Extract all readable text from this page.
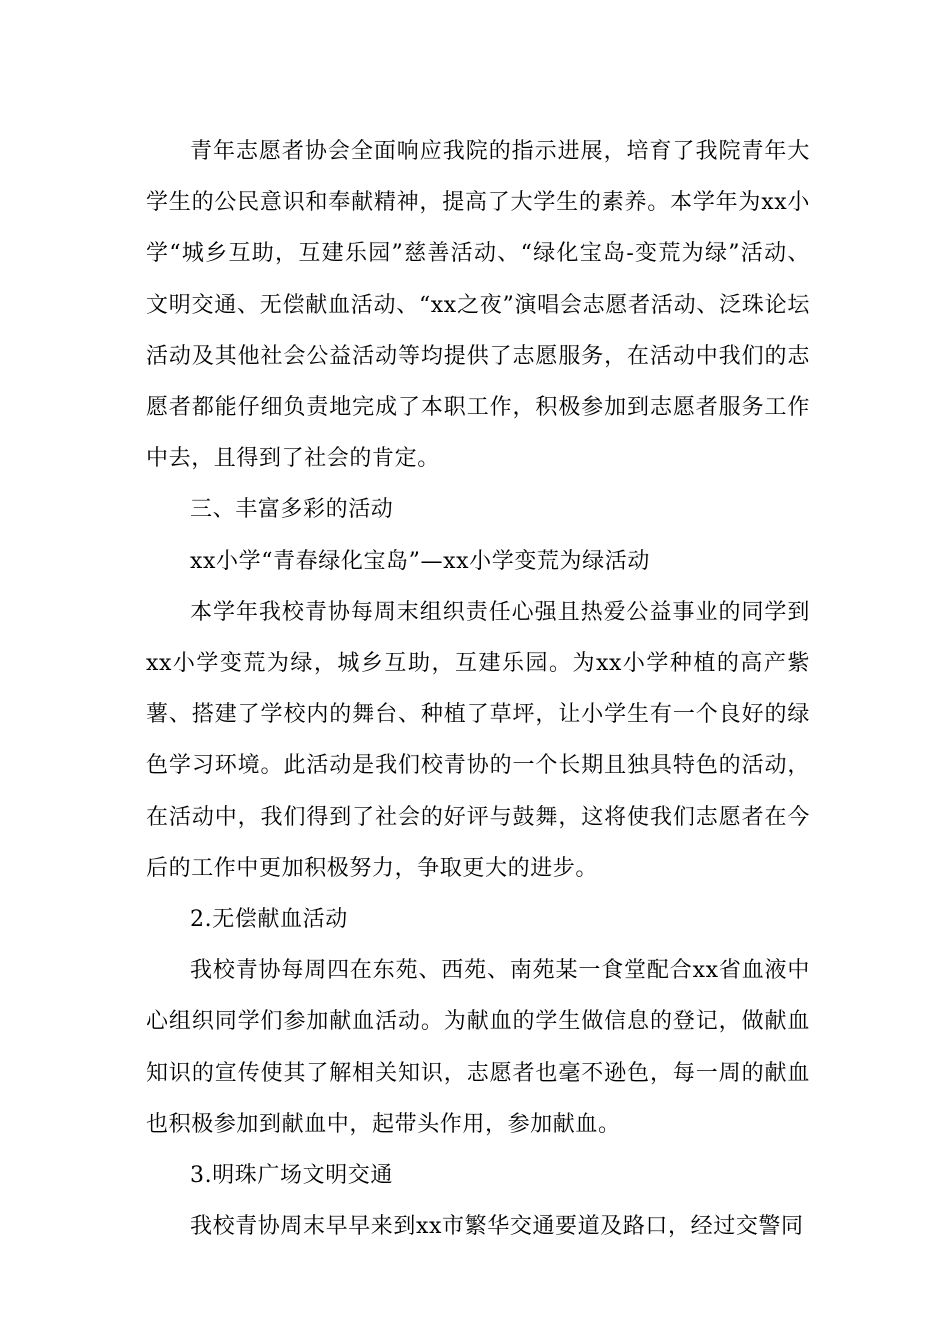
青年志愿者协会全面响应我院的指示进展，培育了我院青年大学生的公民意识和奉献精神，提高了大学生的素养。本学年为xx小学“城乡互助，互建乐园”慈善活动、“绿化宝岛-变荒为绿”活动、文明交通、无偿献血活动、“xx之夜”演唱会志愿者活动、泛珠论坛活动及其他社会公益活动等均提供了志愿服务，在活动中我们的志愿者都能仔细负责地完成了本职工作，积极参加到志愿者服务工作中去，且得到了社会的肯定。

三、丰富多彩的活动

xx小学“青春绿化宝岛”—xx小学变荒为绿活动

本学年我校青协每周末组织责任心强且热爱公益事业的同学到xx小学变荒为绿，城乡互助，互建乐园。为xx小学种植的高产紫薯、搭建了学校内的舞台、种植了草坪，让小学生有一个良好的绿色学习环境。此活动是我们校青协的一个长期且独具特色的活动，在活动中，我们得到了社会的好评与鼓舞，这将使我们志愿者在今后的工作中更加积极努力，争取更大的进步。

2.无偿献血活动

我校青协每周四在东苑、西苑、南苑某一食堂配合xx省血液中心组织同学们参加献血活动。为献血的学生做信息的登记，做献血知识的宣传使其了解相关知识，志愿者也毫不逊色，每一周的献血也积极参加到献血中，起带头作用，参加献血。

3.明珠广场文明交通

我校青协周末早早来到xx市繁华交通要道及路口，经过交警同
